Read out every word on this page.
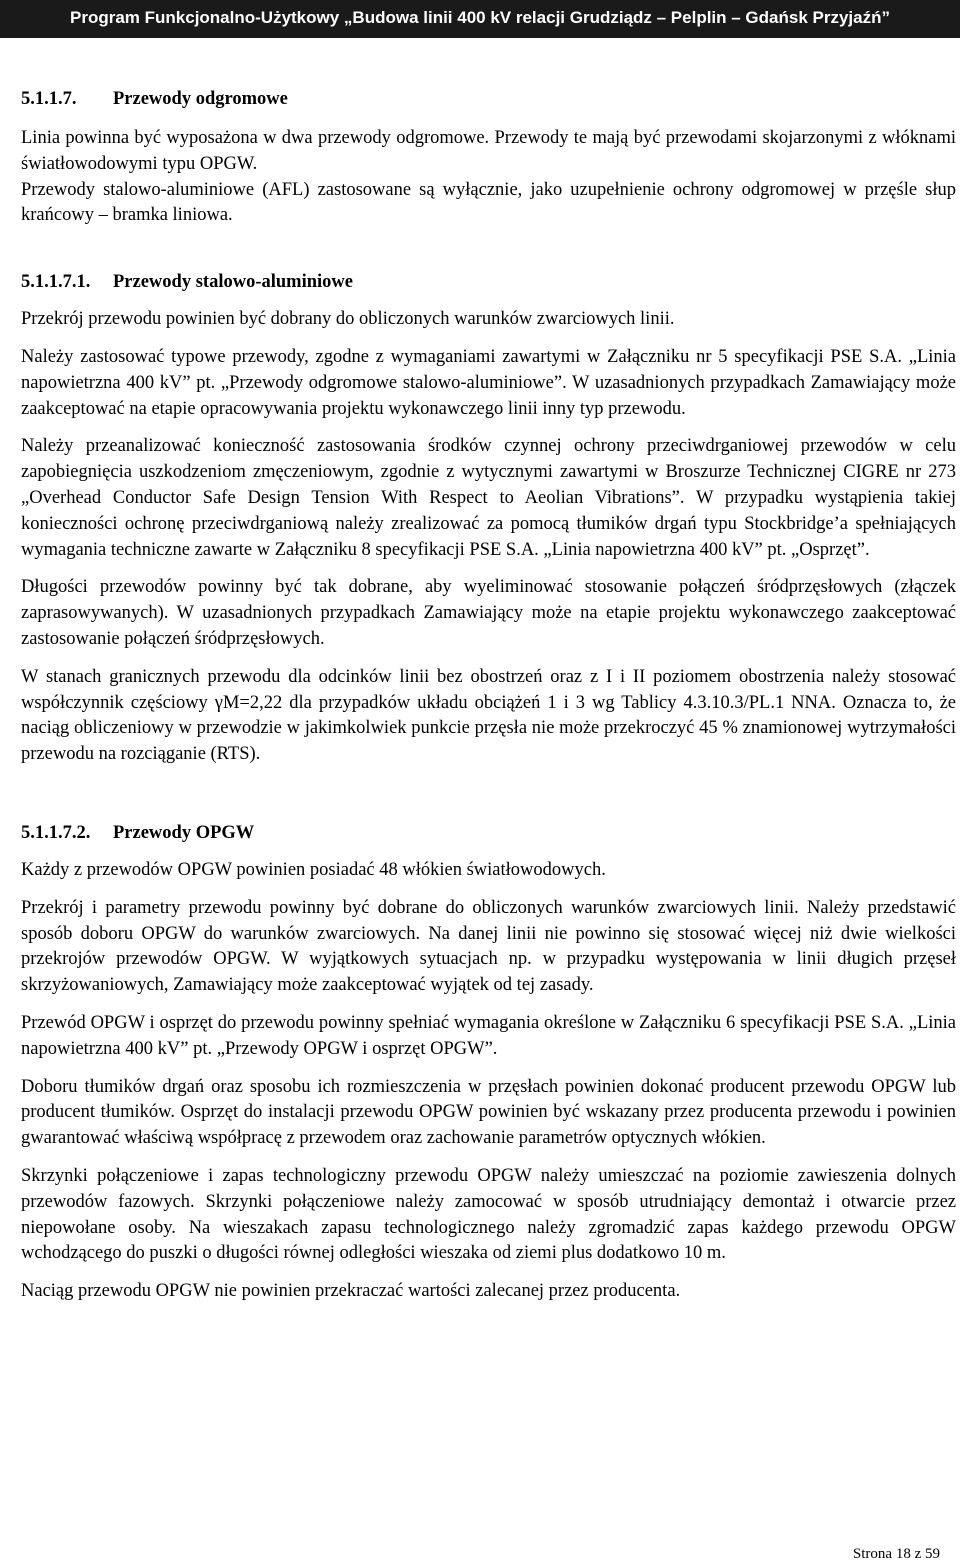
Program Funkcjonalno-Użytkowy „Budowa linii 400 kV relacji Grudziądz – Pelplin – Gdańsk Przyjaźń”
5.1.1.7. Przewody odgromowe

Linia powinna być wyposażona w dwa przewody odgromowe. Przewody te mają być przewodami skojarzonymi z włóknami światłowodowymi typu OPGW.

Przewody stalowo-aluminiowe (AFL) zastosowane są wyłącznie, jako uzupełnienie ochrony odgromowej w przęśle słup krańcowy – bramka liniowa.

5.1.1.7.1. Przewody stalowo-aluminiowe

Przekrój przewodu powinien być dobrany do obliczonych warunków zwarciowych linii.

Należy zastosować typowe przewody, zgodne z wymaganiami zawartymi w Załączniku nr 5 specyfikacji PSE S.A. „Linia napowietrzna 400 kV” pt. „Przewody odgromowe stalowo-aluminiowe”. W uzasadnionych przypadkach Zamawiający może zaakceptować na etapie opracowywania projektu wykonawczego linii inny typ przewodu.

Należy przeanalizować konieczność zastosowania środków czynnej ochrony przeciwdrganiowej przewodów w celu zapobiegnięcia uszkodzeniom zmęczeniowym, zgodnie z wytycznymi zawartymi w Broszurze Technicznej CIGRE nr 273 „Overhead Conductor Safe Design Tension With Respect to Aeolian Vibrations”. W przypadku wystąpienia takiej konieczności ochronę przeciwdrganiową należy zrealizować za pomocą tłumików drgań typu Stockbridge’a spełniających wymagania techniczne zawarte w Załączniku 8 specyfikacji PSE S.A. „Linia napowietrzna 400 kV” pt. „Osprzęt”.

Długości przewodów powinny być tak dobrane, aby wyeliminować stosowanie połączeń śródprzęsłowych (złączek zaprasowywanych). W uzasadnionych przypadkach Zamawiający może na etapie projektu wykonawczego zaakceptować zastosowanie połączeń śródprzęsłowych.

W stanach granicznych przewodu dla odcinków linii bez obostrzeń oraz z I i II poziomem obostrzenia należy stosować współczynnik częściowy γM=2,22 dla przypadków układu obciążeń 1 i 3 wg Tablicy 4.3.10.3/PL.1 NNA. Oznacza to, że naciąg obliczeniowy w przewodzie w jakimkolwiek punkcie przęsła nie może przekroczyć 45 % znamionowej wytrzymałości przewodu na rozciąganie (RTS).

5.1.1.7.2. Przewody OPGW

Każdy z przewodów OPGW powinien posiadać 48 włókien światłowodowych.

Przekrój i parametry przewodu powinny być dobrane do obliczonych warunków zwarciowych linii. Należy przedstawić sposób doboru OPGW do warunków zwarciowych. Na danej linii nie powinno się stosować więcej niż dwie wielkości przekrojów przewodów OPGW. W wyjątkowych sytuacjach np. w przypadku występowania w linii długich przęseł skrzyżowaniowych, Zamawiający może zaakceptować wyjątek od tej zasady.

Przewód OPGW i osprzęt do przewodu powinny spełniać wymagania określone w Załączniku 6 specyfikacji PSE S.A. „Linia napowietrzna 400 kV” pt. „Przewody OPGW i osprzęt OPGW”.

Doboru tłumików drgań oraz sposobu ich rozmieszczenia w przęsłach powinien dokonać producent przewodu OPGW lub producent tłumików. Osprzęt do instalacji przewodu OPGW powinien być wskazany przez producenta przewodu i powinien gwarantować właściwą współpracę z przewodem oraz zachowanie parametrów optycznych włókien.

Skrzynki połączeniowe i zapas technologiczny przewodu OPGW należy umieszczać na poziomie zawieszenia dolnych przewodów fazowych. Skrzynki połączeniowe należy zamocować w sposób utrudniający demontaż i otwarcie przez niepowołane osoby. Na wieszakach zapasu technologicznego należy zgromadzić zapas każdego przewodu OPGW wchodzącego do puszki o długości równej odległości wieszaka od ziemi plus dodatkowo 10 m.

Naciąg przewodu OPGW nie powinien przekraczać wartości zalecanej przez producenta.

Strona 18 z 59
